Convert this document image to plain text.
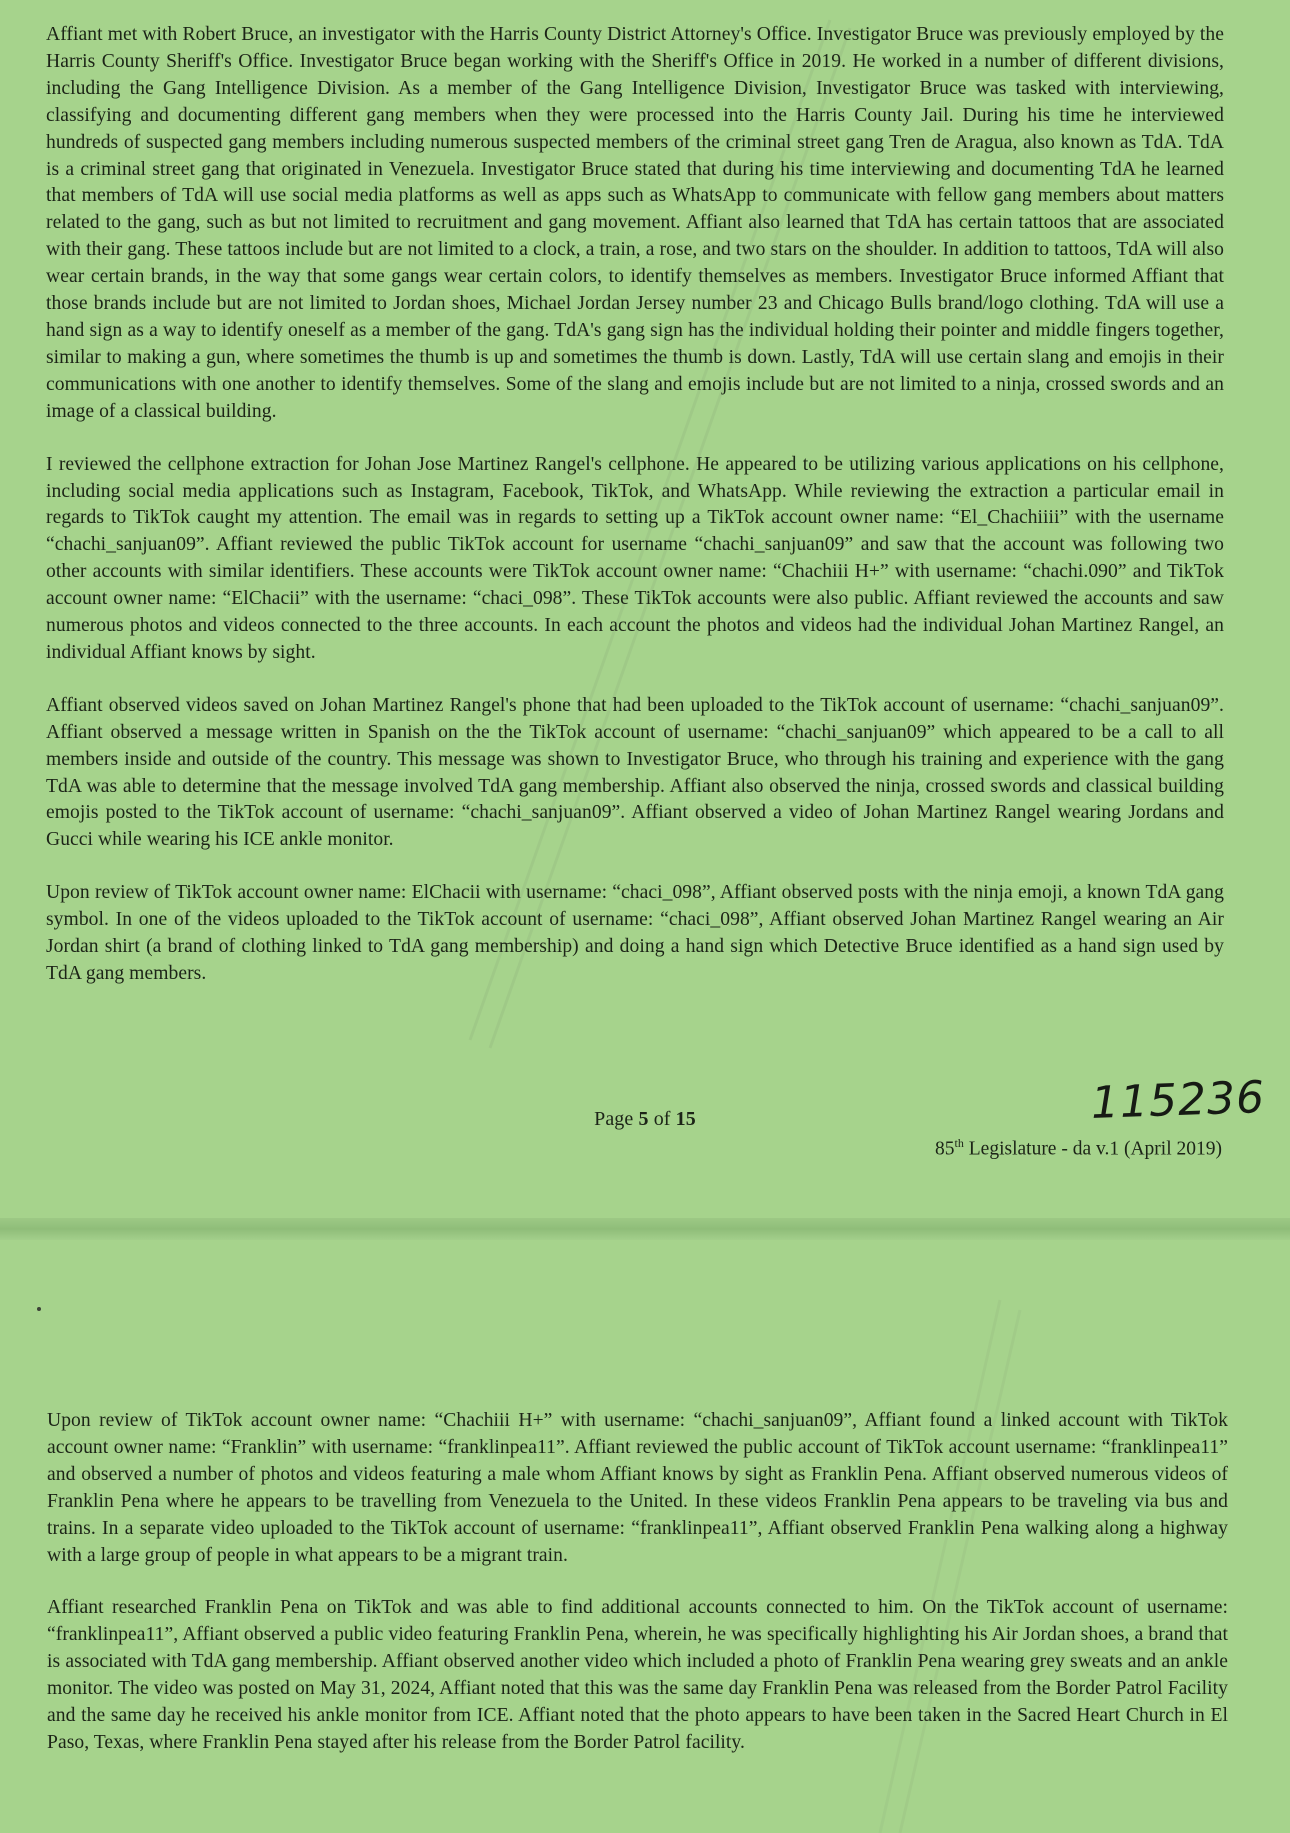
Affiant met with Robert Bruce, an investigator with the Harris County District Attorney's Office. Investigator Bruce was previously employed by the Harris County Sheriff's Office. Investigator Bruce began working with the Sheriff's Office in 2019. He worked in a number of different divisions, including the Gang Intelligence Division. As a member of the Gang Intelligence Division, Investigator Bruce was tasked with interviewing, classifying and documenting different gang members when they were processed into the Harris County Jail. During his time he interviewed hundreds of suspected gang members including numerous suspected members of the criminal street gang Tren de Aragua, also known as TdA. TdA is a criminal street gang that originated in Venezuela. Investigator Bruce stated that during his time interviewing and documenting TdA he learned that members of TdA will use social media platforms as well as apps such as WhatsApp to communicate with fellow gang members about matters related to the gang, such as but not limited to recruitment and gang movement. Affiant also learned that TdA has certain tattoos that are associated with their gang. These tattoos include but are not limited to a clock, a train, a rose, and two stars on the shoulder. In addition to tattoos, TdA will also wear certain brands, in the way that some gangs wear certain colors, to identify themselves as members. Investigator Bruce informed Affiant that those brands include but are not limited to Jordan shoes, Michael Jordan Jersey number 23 and Chicago Bulls brand/logo clothing. TdA will use a hand sign as a way to identify oneself as a member of the gang. TdA's gang sign has the individual holding their pointer and middle fingers together, similar to making a gun, where sometimes the thumb is up and sometimes the thumb is down. Lastly, TdA will use certain slang and emojis in their communications with one another to identify themselves. Some of the slang and emojis include but are not limited to a ninja, crossed swords and an image of a classical building.

I reviewed the cellphone extraction for Johan Jose Martinez Rangel's cellphone. He appeared to be utilizing various applications on his cellphone, including social media applications such as Instagram, Facebook, TikTok, and WhatsApp. While reviewing the extraction a particular email in regards to TikTok caught my attention. The email was in regards to setting up a TikTok account owner name: “El_Chachiiii” with the username “chachi_sanjuan09”. Affiant reviewed the public TikTok account for username “chachi_sanjuan09” and saw that the account was following two other accounts with similar identifiers. These accounts were TikTok account owner name: “Chachiii H+” with username: “chachi.090” and TikTok account owner name: “ElChacii” with the username: “chaci_098”. These TikTok accounts were also public. Affiant reviewed the accounts and saw numerous photos and videos connected to the three accounts. In each account the photos and videos had the individual Johan Martinez Rangel, an individual Affiant knows by sight.

Affiant observed videos saved on Johan Martinez Rangel's phone that had been uploaded to the TikTok account of username: “chachi_sanjuan09”. Affiant observed a message written in Spanish on the the TikTok account of username: “chachi_sanjuan09” which appeared to be a call to all members inside and outside of the country. This message was shown to Investigator Bruce, who through his training and experience with the gang TdA was able to determine that the message involved TdA gang membership. Affiant also observed the ninja, crossed swords and classical building emojis posted to the TikTok account of username: “chachi_sanjuan09”. Affiant observed a video of Johan Martinez Rangel wearing Jordans and Gucci while wearing his ICE ankle monitor.

Upon review of TikTok account owner name: ElChacii with username: “chaci_098”, Affiant observed posts with the ninja emoji, a known TdA gang symbol. In one of the videos uploaded to the TikTok account of username: “chaci_098”, Affiant observed Johan Martinez Rangel wearing an Air Jordan shirt (a brand of clothing linked to TdA gang membership) and doing a hand sign which Detective Bruce identified as a hand sign used by TdA gang members.

115236
Page 5 of 15
85th Legislature - da v.1 (April 2019)

Upon review of TikTok account owner name: “Chachiii H+” with username: “chachi_sanjuan09”, Affiant found a linked account with TikTok account owner name: “Franklin” with username: “franklinpea11”. Affiant reviewed the public account of TikTok account username: “franklinpea11” and observed a number of photos and videos featuring a male whom Affiant knows by sight as Franklin Pena. Affiant observed numerous videos of Franklin Pena where he appears to be travelling from Venezuela to the United. In these videos Franklin Pena appears to be traveling via bus and trains. In a separate video uploaded to the TikTok account of username: “franklinpea11”, Affiant observed Franklin Pena walking along a highway with a large group of people in what appears to be a migrant train.

Affiant researched Franklin Pena on TikTok and was able to find additional accounts connected to him. On the TikTok account of username: “franklinpea11”, Affiant observed a public video featuring Franklin Pena, wherein, he was specifically highlighting his Air Jordan shoes, a brand that is associated with TdA gang membership. Affiant observed another video which included a photo of Franklin Pena wearing grey sweats and an ankle monitor. The video was posted on May 31, 2024, Affiant noted that this was the same day Franklin Pena was released from the Border Patrol Facility and the same day he received his ankle monitor from ICE. Affiant noted that the photo appears to have been taken in the Sacred Heart Church in El Paso, Texas, where Franklin Pena stayed after his release from the Border Patrol facility.
